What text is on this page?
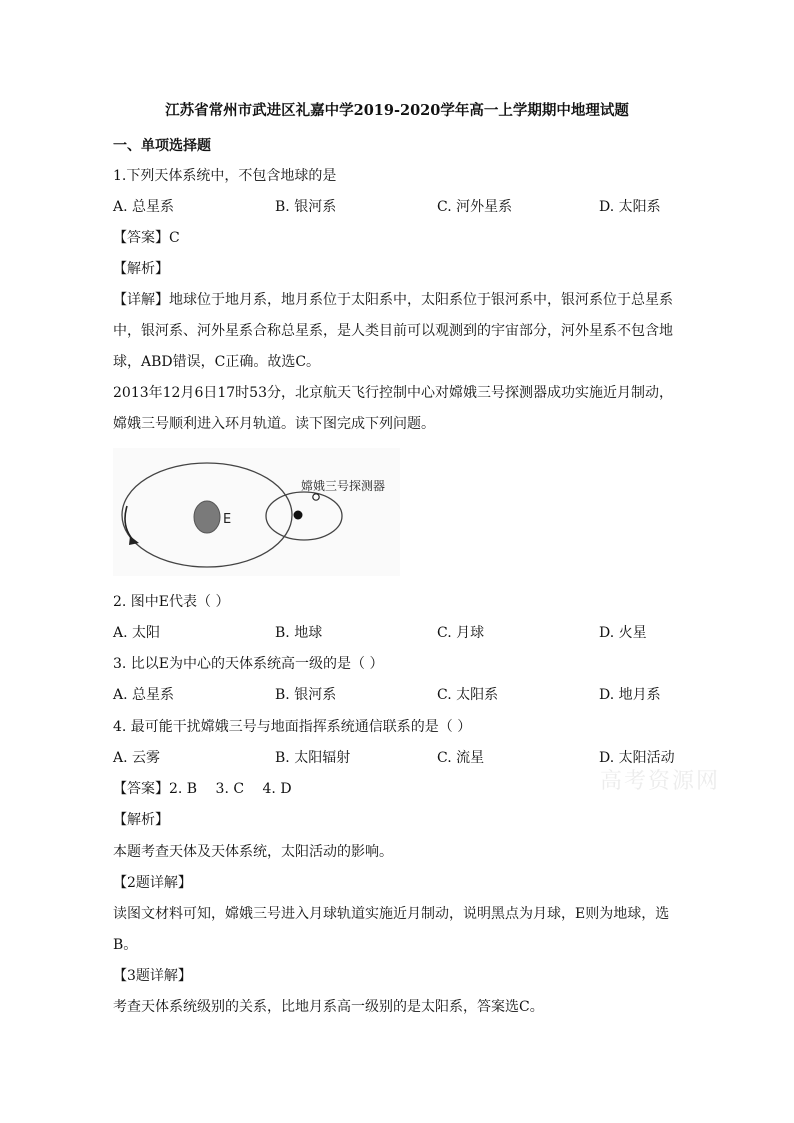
江苏省常州市武进区礼嘉中学2019-2020学年高一上学期期中地理试题
一、单项选择题
1.下列天体系统中，不包含地球的是
A. 总星系	B. 银河系	C. 河外星系	D. 太阳系
【答案】C
【解析】
【详解】地球位于地月系，地月系位于太阳系中，太阳系位于银河系中，银河系位于总星系
中，银河系、河外星系合称总星系，是人类目前可以观测到的宇宙部分，河外星系不包含地
球，ABD错误，C正确。故选C。
2013年12月6日17时53分，北京航天飞行控制中心对嫦娥三号探测器成功实施近月制动，
嫦娥三号顺利进入环月轨道。读下图完成下列问题。
E
嫦娥三号探测器
2. 图中E代表（ ）
A. 太阳	B. 地球	C. 月球	D. 火星
3. 比以E为中心的天体系统高一级的是（ ）
A. 总星系	B. 银河系	C. 太阳系	D. 地月系
4. 最可能干扰嫦娥三号与地面指挥系统通信联系的是（ ）
A. 云雾	B. 太阳辐射	C. 流星	D. 太阳活动
高考资源网
【答案】2. B　 3. C　 4. D
【解析】
本题考查天体及天体系统，太阳活动的影响。
【2题详解】
读图文材料可知，嫦娥三号进入月球轨道实施近月制动，说明黑点为月球，E则为地球，选
B。
【3题详解】
考查天体系统级别的关系，比地月系高一级别的是太阳系，答案选C。
